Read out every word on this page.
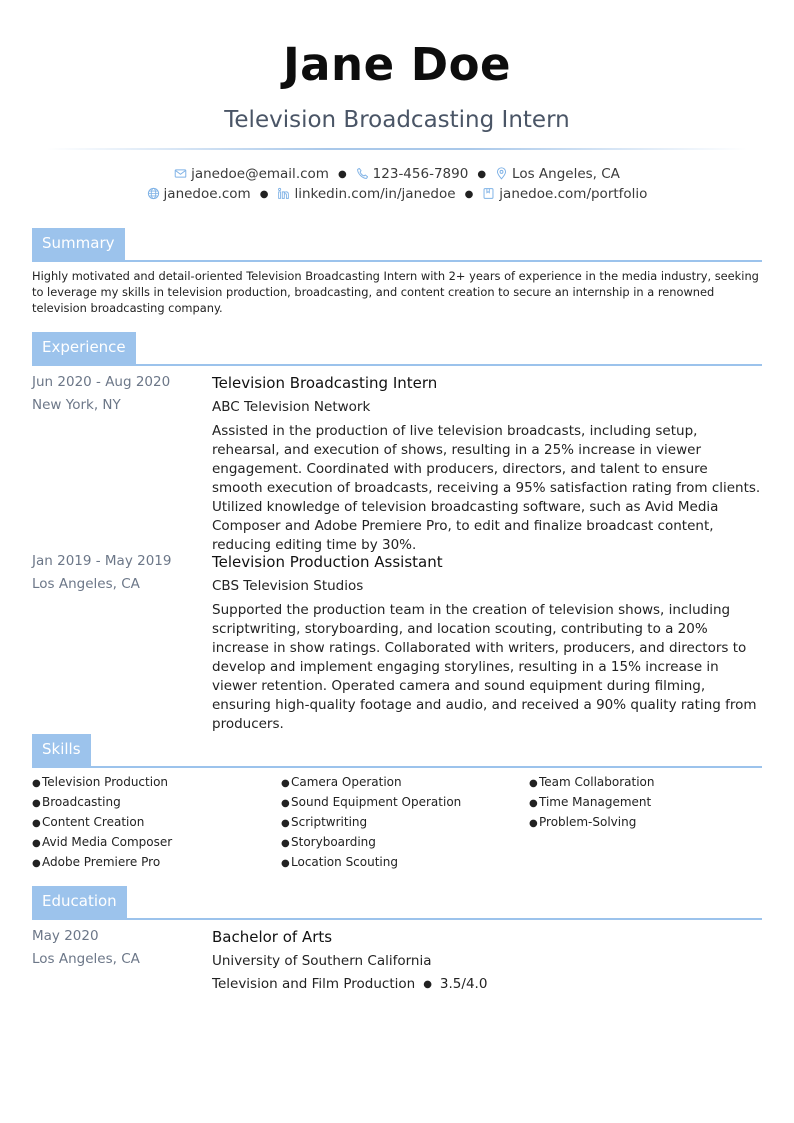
Jane Doe
Television Broadcasting Intern
janedoe@email.com ● 123-456-7890 ● Los Angeles, CA
janedoe.com ● linkedin.com/in/janedoe ● janedoe.com/portfolio
Summary
Highly motivated and detail-oriented Television Broadcasting Intern with 2+ years of experience in the media industry, seeking to leverage my skills in television production, broadcasting, and content creation to secure an internship in a renowned television broadcasting company.
Experience
Jun 2020 - Aug 2020
New York, NY
Television Broadcasting Intern
ABC Television Network
Assisted in the production of live television broadcasts, including setup, rehearsal, and execution of shows, resulting in a 25% increase in viewer engagement. Coordinated with producers, directors, and talent to ensure smooth execution of broadcasts, receiving a 95% satisfaction rating from clients. Utilized knowledge of television broadcasting software, such as Avid Media Composer and Adobe Premiere Pro, to edit and finalize broadcast content, reducing editing time by 30%.
Jan 2019 - May 2019
Los Angeles, CA
Television Production Assistant
CBS Television Studios
Supported the production team in the creation of television shows, including scriptwriting, storyboarding, and location scouting, contributing to a 20% increase in show ratings. Collaborated with writers, producers, and directors to develop and implement engaging storylines, resulting in a 15% increase in viewer retention. Operated camera and sound equipment during filming, ensuring high-quality footage and audio, and received a 90% quality rating from producers.
Skills
●Television Production
●Broadcasting
●Content Creation
●Avid Media Composer
●Adobe Premiere Pro
●Camera Operation
●Sound Equipment Operation
●Scriptwriting
●Storyboarding
●Location Scouting
●Team Collaboration
●Time Management
●Problem-Solving
Education
May 2020
Los Angeles, CA
Bachelor of Arts
University of Southern California
Television and Film Production ● 3.5/4.0
